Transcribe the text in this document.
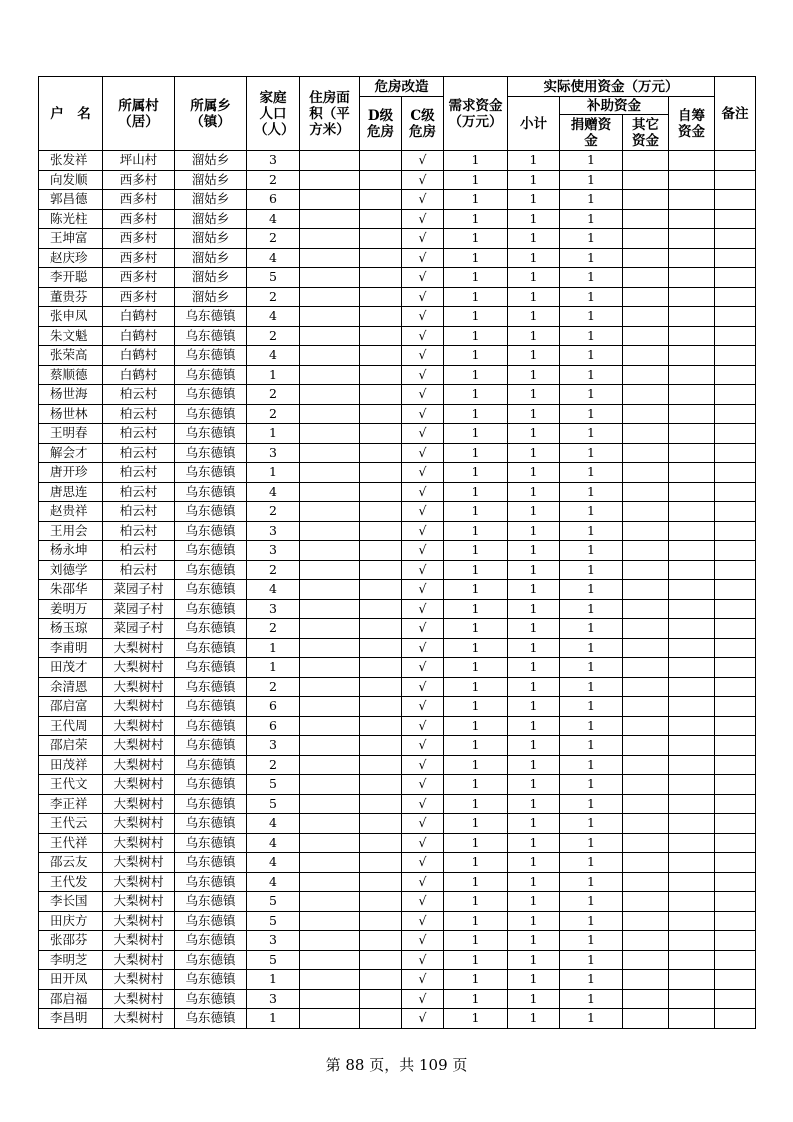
户　名	所属村（居）	所属乡（镇）	家庭人口（人）	住房面积（平方米）	危房改造		需求资金（万元）	实际使用资金（万元）				备注
					D级危房	C级危房		小计	补助资金		自筹资金	
									捐赠资金	其它资金		
张发祥	坪山村	溜姑乡	3			√	1	1	1			
向发顺	西多村	溜姑乡	2			√	1	1	1			
郭昌德	西多村	溜姑乡	6			√	1	1	1			
陈光柱	西多村	溜姑乡	4			√	1	1	1			
王坤富	西多村	溜姑乡	2			√	1	1	1			
赵庆珍	西多村	溜姑乡	4			√	1	1	1			
李开聪	西多村	溜姑乡	5			√	1	1	1			
董贵芬	西多村	溜姑乡	2			√	1	1	1			
张申凤	白鹤村	乌东德镇	4			√	1	1	1			
朱文魁	白鹤村	乌东德镇	2			√	1	1	1			
张荣高	白鹤村	乌东德镇	4			√	1	1	1			
蔡顺德	白鹤村	乌东德镇	1			√	1	1	1			
杨世海	柏云村	乌东德镇	2			√	1	1	1			
杨世林	柏云村	乌东德镇	2			√	1	1	1			
王明春	柏云村	乌东德镇	1			√	1	1	1			
解会才	柏云村	乌东德镇	3			√	1	1	1			
唐开珍	柏云村	乌东德镇	1			√	1	1	1			
唐思连	柏云村	乌东德镇	4			√	1	1	1			
赵贵祥	柏云村	乌东德镇	2			√	1	1	1			
王用会	柏云村	乌东德镇	3			√	1	1	1			
杨永坤	柏云村	乌东德镇	3			√	1	1	1			
刘德学	柏云村	乌东德镇	2			√	1	1	1			
朱邵华	菜园子村	乌东德镇	4			√	1	1	1			
姜明万	菜园子村	乌东德镇	3			√	1	1	1			
杨玉琼	菜园子村	乌东德镇	2			√	1	1	1			
李甫明	大梨树村	乌东德镇	1			√	1	1	1			
田茂才	大梨树村	乌东德镇	1			√	1	1	1			
余清恩	大梨树村	乌东德镇	2			√	1	1	1			
邵启富	大梨树村	乌东德镇	6			√	1	1	1			
王代周	大梨树村	乌东德镇	6			√	1	1	1			
邵启荣	大梨树村	乌东德镇	3			√	1	1	1			
田茂祥	大梨树村	乌东德镇	2			√	1	1	1			
王代文	大梨树村	乌东德镇	5			√	1	1	1			
李正祥	大梨树村	乌东德镇	5			√	1	1	1			
王代云	大梨树村	乌东德镇	4			√	1	1	1			
王代祥	大梨树村	乌东德镇	4			√	1	1	1			
邵云友	大梨树村	乌东德镇	4			√	1	1	1			
王代发	大梨树村	乌东德镇	4			√	1	1	1			
李长国	大梨树村	乌东德镇	5			√	1	1	1			
田庆方	大梨树村	乌东德镇	5			√	1	1	1			
张邵芬	大梨树村	乌东德镇	3			√	1	1	1			
李明芝	大梨树村	乌东德镇	5			√	1	1	1			
田开凤	大梨树村	乌东德镇	1			√	1	1	1			
邵启福	大梨树村	乌东德镇	3			√	1	1	1			
李昌明	大梨树村	乌东德镇	1			√	1	1	1			
第 88 页，共 109 页
